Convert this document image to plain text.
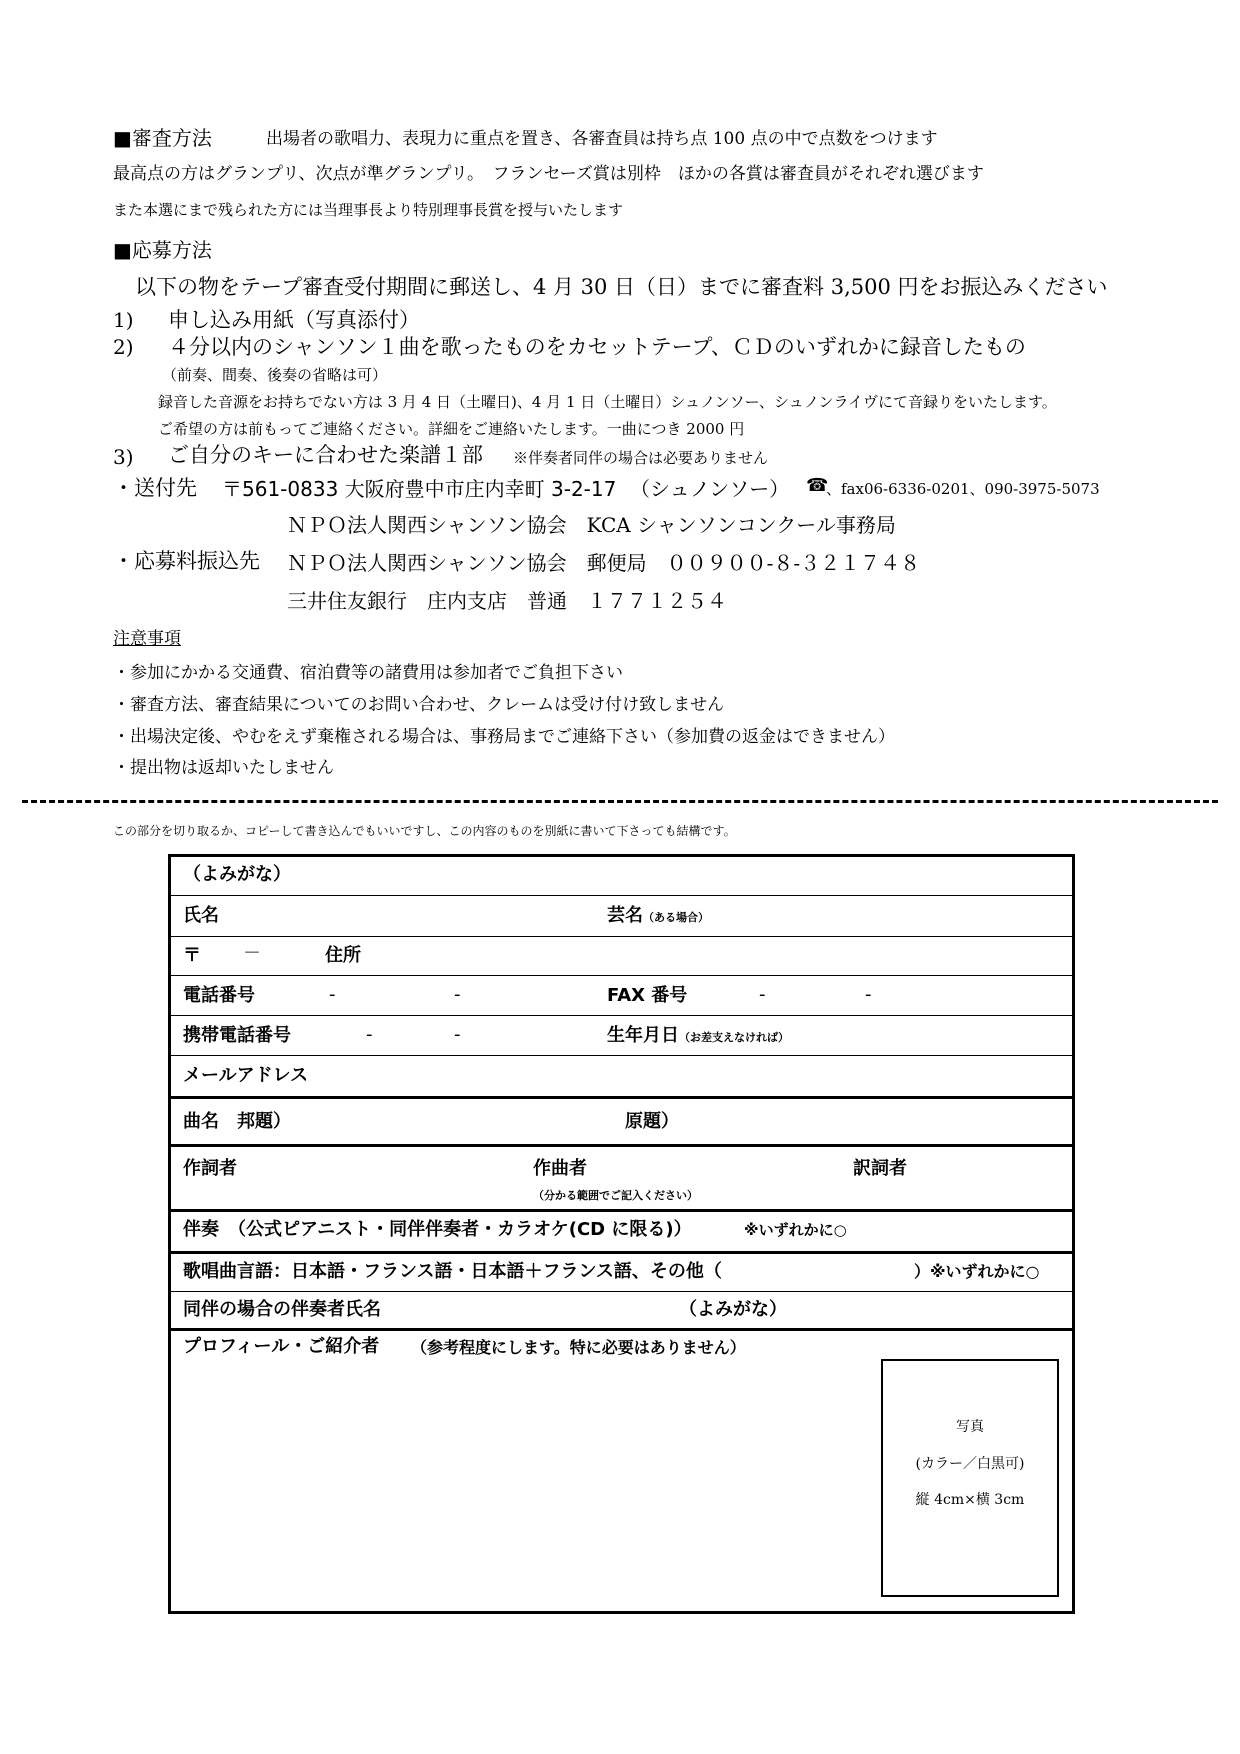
■審査方法	出場者の歌唱力、表現力に重点を置き、各審査員は持ち点 100 点の中で点数をつけます
最高点の方はグランプリ、次点が準グランプリ。　フランセーズ賞は別枠　ほかの各賞は審査員がそれぞれ選びます
また本選にまで残られた方には当理事長より特別理事長賞を授与いたします
■応募方法
以下の物をテープ審査受付期間に郵送し、4 月 30 日（日）までに審査料 3,500 円をお振込みください
1) 申し込み用紙（写真添付）
2) ４分以内のシャンソン１曲を歌ったものをカセットテープ、ＣＤのいずれかに録音したもの
（前奏、間奏、後奏の省略は可）
録音した音源をお持ちでない方は 3 月 4 日（土曜日)、4 月 1 日（土曜日）シュノンソー、シュノンライヴにて音録りをいたします。
ご希望の方は前もってご連絡ください。詳細をご連絡いたします。一曲につき 2000 円
3) ご自分のキーに合わせた楽譜１部 ※伴奏者同伴の場合は必要ありません
・送付先 〒561-0833 大阪府豊中市庄内幸町 3-2-17 （シュノンソー） ☎
、fax06-6336-0201、090-3975-5073
ＮＰＯ法人関西シャンソン協会　KCA シャンソンコンクール事務局
・応募料振込先 ＮＰＯ法人関西シャンソン協会　郵便局　００９００-８-３２１７４８
三井住友銀行　庄内支店　普通　１７７１２５４
注意事項
・参加にかかる交通費、宿泊費等の諸費用は参加者でご負担下さい
・審査方法、審査結果についてのお問い合わせ、クレームは受け付け致しません
・出場決定後、やむをえず棄権される場合は、事務局までご連絡下さい（参加費の返金はできません）
・提出物は返却いたしません
この部分を切り取るか、コピーして書き込んでもいいですし、この内容のものを別紙に書いて下さっても結構です。
（よみがな）
氏名	芸名（ある場合）
〒 －	住所
電話番号	-	-	FAX 番号	-	-
携帯電話番号	-	-	生年月日（お差支えなければ）
メールアドレス
曲名　邦題）	原題）
作詞者	作曲者	訳詞者
（分かる範囲でご記入ください）
伴奏　（公式ピアニスト・同伴伴奏者・カラオケ(CD に限る)）	※いずれかに○
歌唱曲言語：日本語・フランス語・日本語＋フランス語、その他（	）※いずれかに○
同伴の場合の伴奏者氏名	（よみがな）
プロフィール・ご紹介者 （参考程度にします。特に必要はありません）
写真
(カラー／白黒可)
縦 4cm×横 3cm
